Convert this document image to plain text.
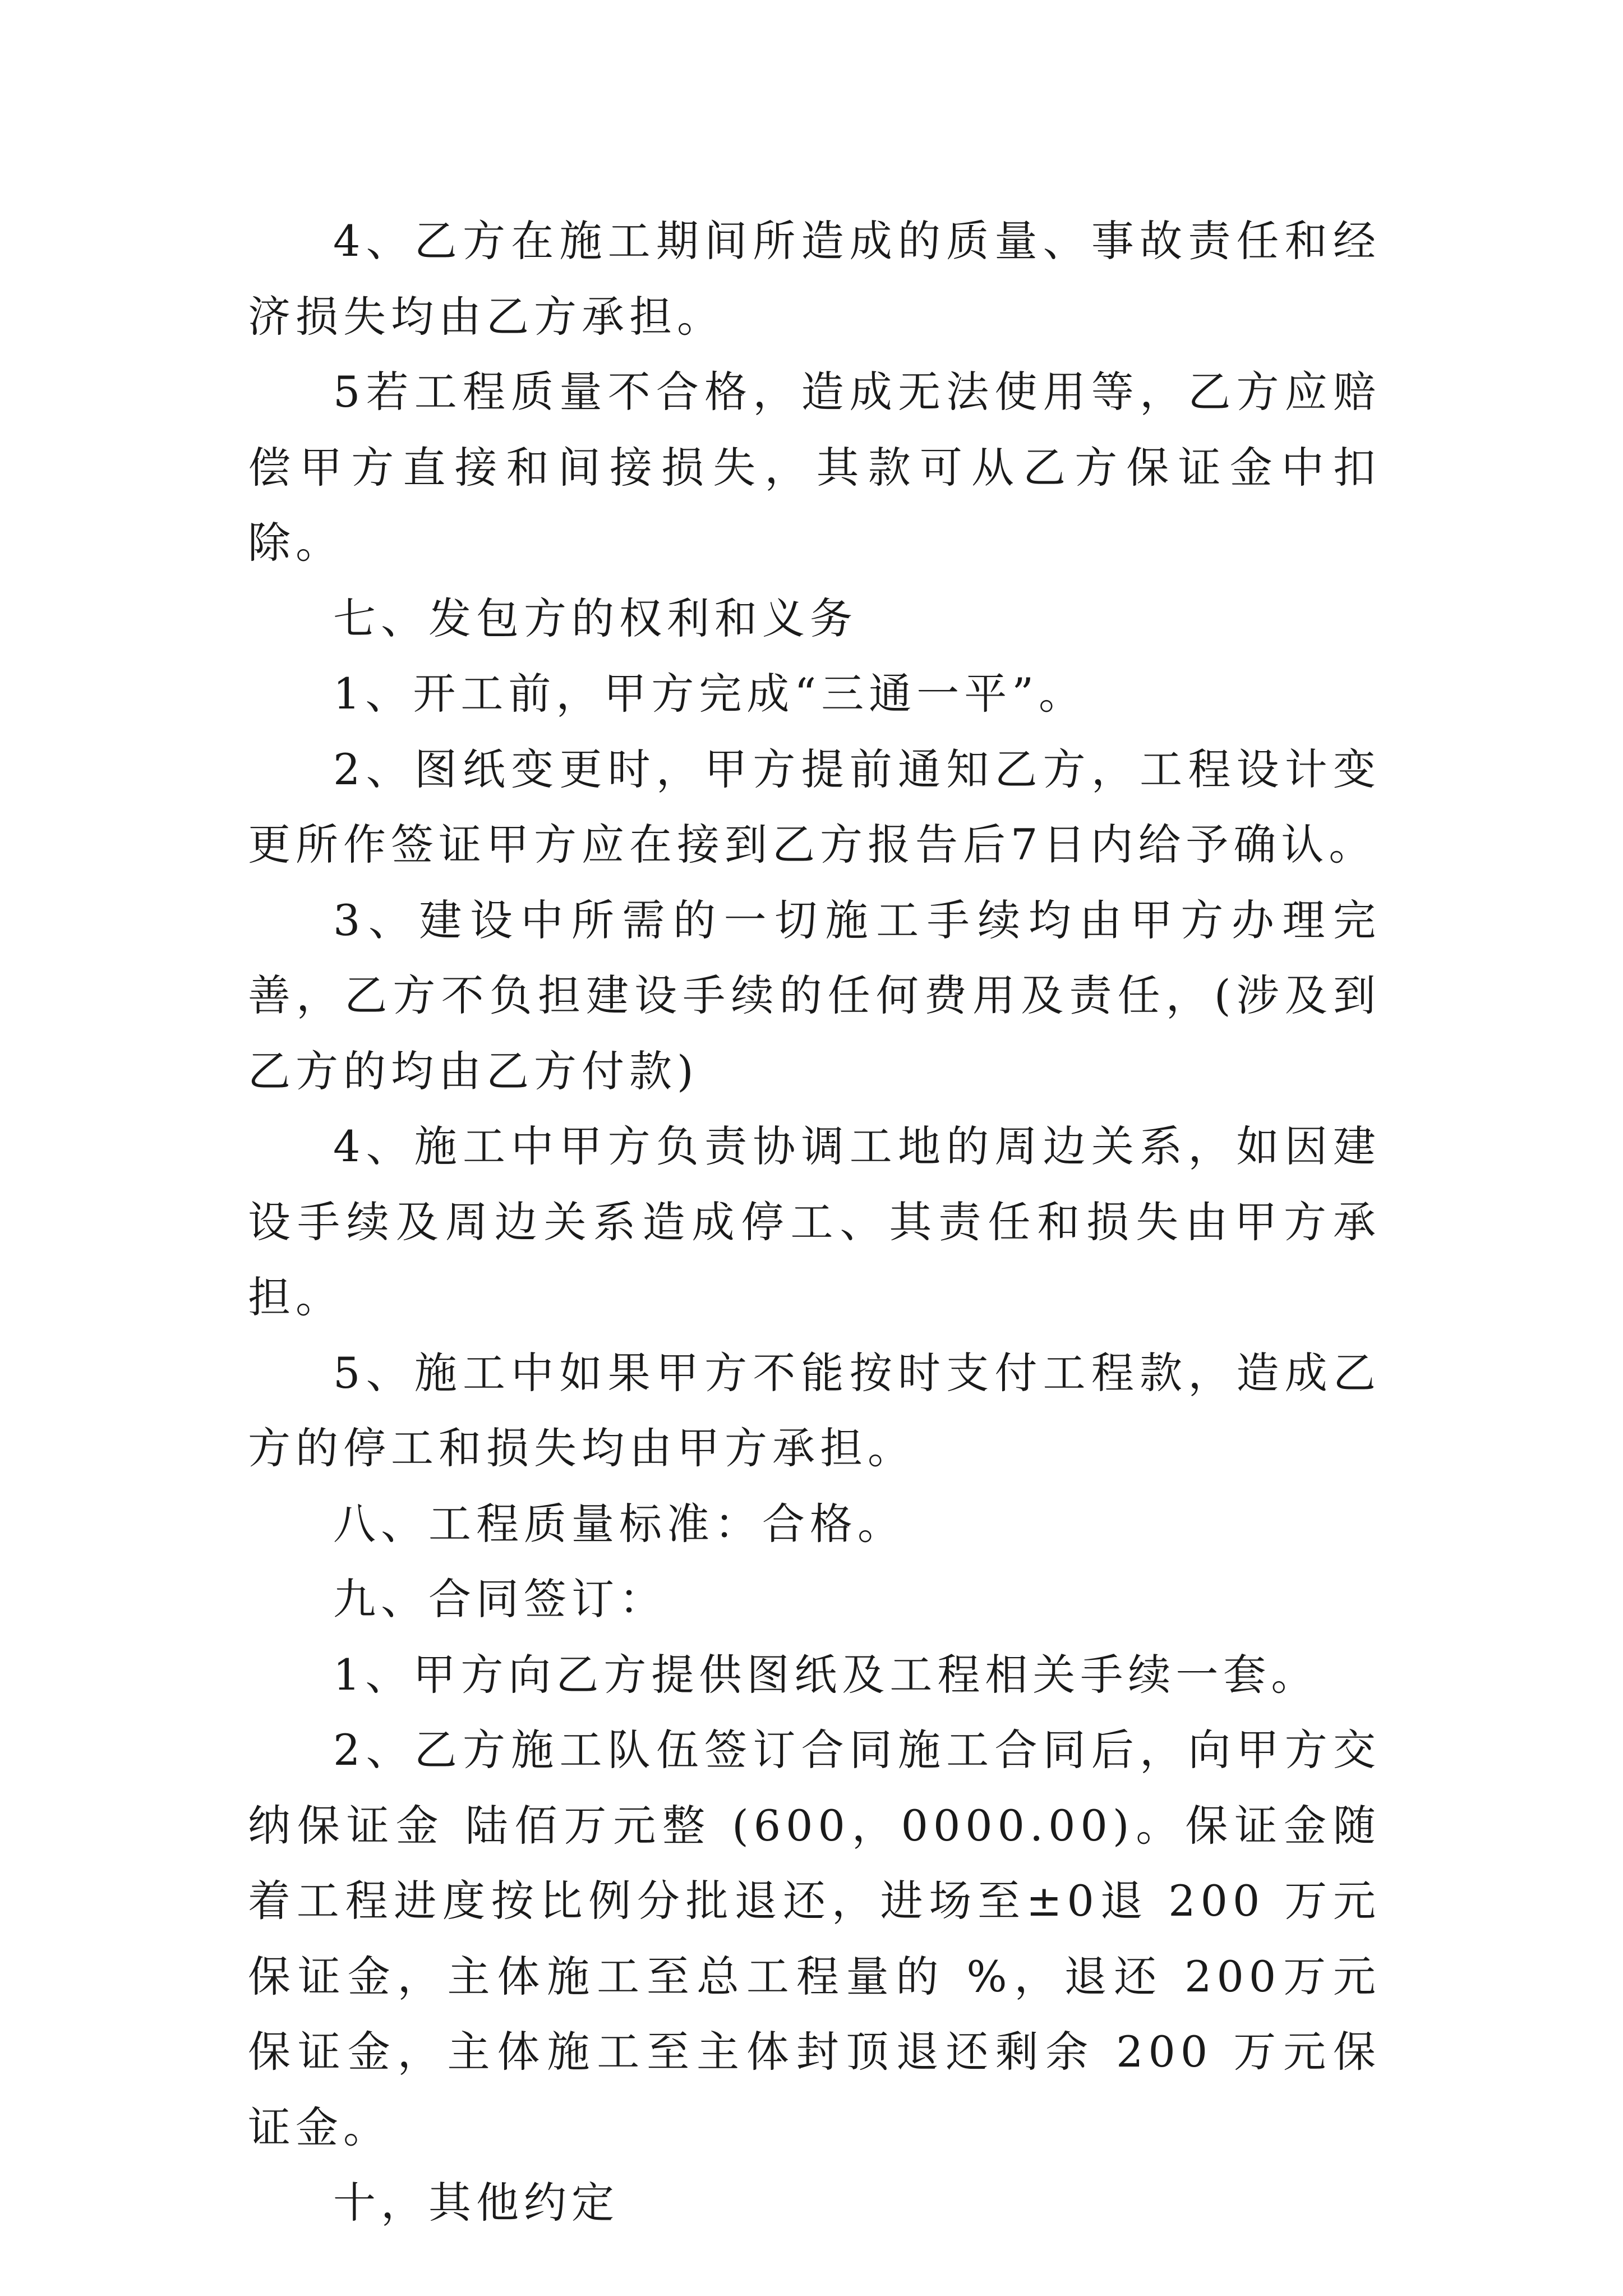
4、乙方在施工期间所造成的质量、事故责任和经济损失均由乙方承担。

5若工程质量不合格，造成无法使用等，乙方应赔偿甲方直接和间接损失，其款可从乙方保证金中扣除。

七、发包方的权利和义务

1、开工前，甲方完成“三通一平”。

2、图纸变更时，甲方提前通知乙方，工程设计变更所作签证甲方应在接到乙方报告后7日内给予确认。

3、建设中所需的一切施工手续均由甲方办理完善，乙方不负担建设手续的任何费用及责任，(涉及到乙方的均由乙方付款)

4、施工中甲方负责协调工地的周边关系，如因建设手续及周边关系造成停工、其责任和损失由甲方承担。

5、施工中如果甲方不能按时支付工程款，造成乙方的停工和损失均由甲方承担。

八、工程质量标准：合格。

九、合同签订：

1、甲方向乙方提供图纸及工程相关手续一套。

2、乙方施工队伍签订合同施工合同后，向甲方交纳保证金 陆佰万元整 (600，0000.00)。保证金随着工程进度按比例分批退还，进场至±0退 200 万元保证金，主体施工至总工程量的 %，退还 200万元 保证金，主体施工至主体封顶退还剩余 200 万元保证金。

十，其他约定
